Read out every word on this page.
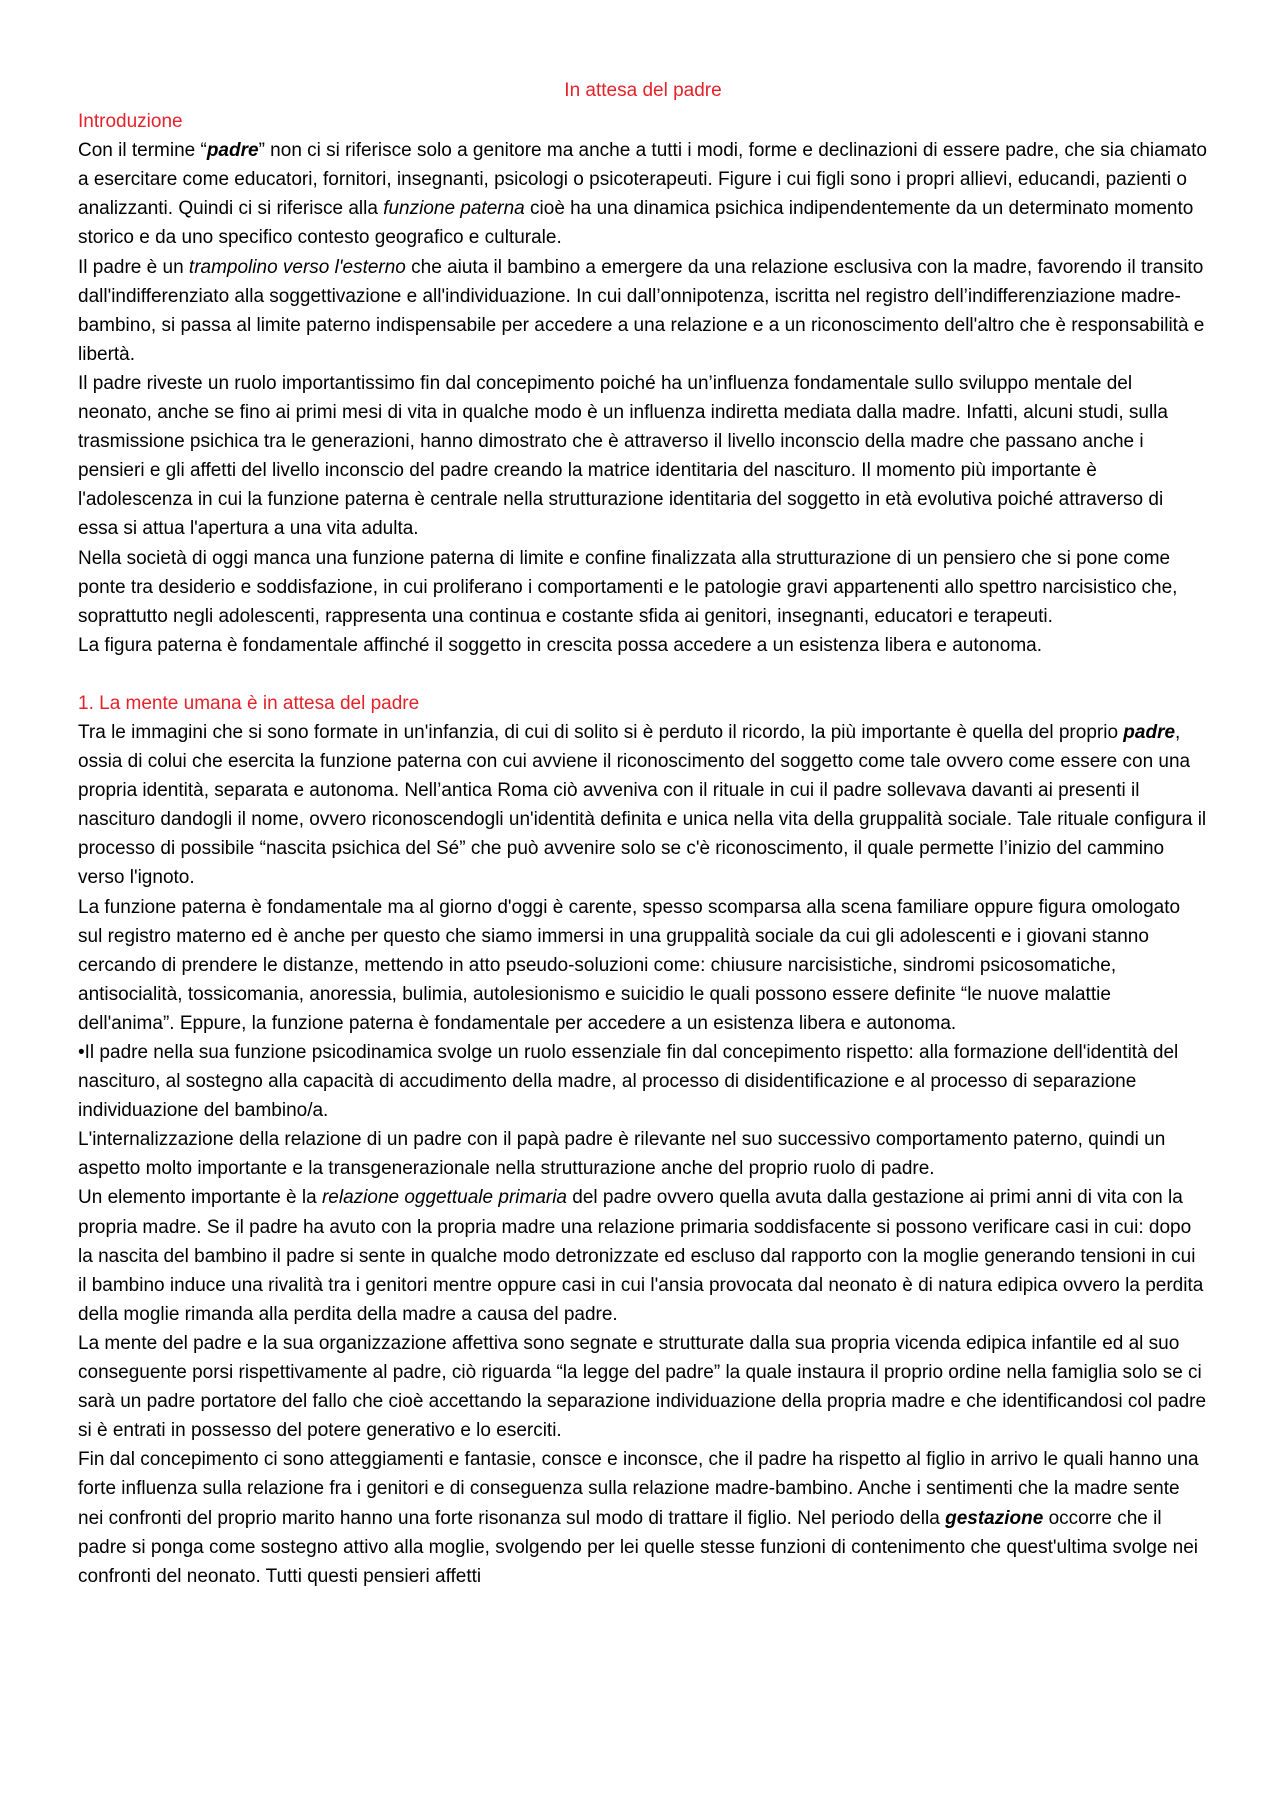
In attesa del padre
Introduzione

Con il termine “padre” non ci si riferisce solo a genitore ma anche a tutti i modi, forme e declinazioni di essere padre, che sia chiamato a esercitare come educatori, fornitori, insegnanti, psicologi o psicoterapeuti. Figure i cui figli sono i propri allievi, educandi, pazienti o analizzanti. Quindi ci si riferisce alla funzione paterna cioè ha una dinamica psichica indipendentemente da un determinato momento storico e da uno specifico contesto geografico e culturale.

Il padre è un trampolino verso l'esterno che aiuta il bambino a emergere da una relazione esclusiva con la madre, favorendo il transito dall'indifferenziato alla soggettivazione e all'individuazione. In cui dall’onnipotenza, iscritta nel registro dell’indifferenziazione madre-bambino, si passa al limite paterno indispensabile per accedere a una relazione e a un riconoscimento dell'altro che è responsabilità e libertà.

Il padre riveste un ruolo importantissimo fin dal concepimento poiché ha un’influenza fondamentale sullo sviluppo mentale del neonato, anche se fino ai primi mesi di vita in qualche modo è un influenza indiretta mediata dalla madre. Infatti, alcuni studi, sulla trasmissione psichica tra le generazioni, hanno dimostrato che è attraverso il livello inconscio della madre che passano anche i pensieri e gli affetti del livello inconscio del padre creando la matrice identitaria del nascituro. Il momento più importante è l'adolescenza in cui la funzione paterna è centrale nella strutturazione identitaria del soggetto in età evolutiva poiché attraverso di essa si attua l'apertura a una vita adulta.

Nella società di oggi manca una funzione paterna di limite e confine finalizzata alla strutturazione di un pensiero che si pone come ponte tra desiderio e soddisfazione, in cui proliferano i comportamenti e le patologie gravi appartenenti allo spettro narcisistico che, soprattutto negli adolescenti, rappresenta una continua e costante sfida ai genitori, insegnanti, educatori e terapeuti.

La figura paterna è fondamentale affinché il soggetto in crescita possa accedere a un esistenza libera e autonoma.

1. La mente umana è in attesa del padre

Tra le immagini che si sono formate in un'infanzia, di cui di solito si è perduto il ricordo, la più importante è quella del proprio padre, ossia di colui che esercita la funzione paterna con cui avviene il riconoscimento del soggetto come tale ovvero come essere con una propria identità, separata e autonoma. Nell’antica Roma ciò avveniva con il rituale in cui il padre sollevava davanti ai presenti il nascituro dandogli il nome, ovvero riconoscendogli un'identità definita e unica nella vita della gruppalità sociale. Tale rituale configura il processo di possibile “nascita psichica del Sé” che può avvenire solo se c'è riconoscimento, il quale permette l’inizio del cammino verso l'ignoto.

La funzione paterna è fondamentale ma al giorno d'oggi è carente, spesso scomparsa alla scena familiare oppure figura omologato sul registro materno ed è anche per questo che siamo immersi in una gruppalità sociale da cui gli adolescenti e i giovani stanno cercando di prendere le distanze, mettendo in atto pseudo-soluzioni come: chiusure narcisistiche, sindromi psicosomatiche, antisocialità, tossicomania, anoressia, bulimia, autolesionismo e suicidio le quali possono essere definite “le nuove malattie dell'anima”. Eppure, la funzione paterna è fondamentale per accedere a un esistenza libera e autonoma.

•Il padre nella sua funzione psicodinamica svolge un ruolo essenziale fin dal concepimento rispetto: alla formazione dell'identità del nascituro, al sostegno alla capacità di accudimento della madre, al processo di disidentificazione e al processo di separazione individuazione del bambino/a.

L'internalizzazione della relazione di un padre con il papà padre è rilevante nel suo successivo comportamento paterno, quindi un aspetto molto importante e la transgenerazionale nella strutturazione anche del proprio ruolo di padre.

Un elemento importante è la relazione oggettuale primaria del padre ovvero quella avuta dalla gestazione ai primi anni di vita con la propria madre. Se il padre ha avuto con la propria madre una relazione primaria soddisfacente si possono verificare casi in cui: dopo la nascita del bambino il padre si sente in qualche modo detronizzate ed escluso dal rapporto con la moglie generando tensioni in cui il bambino induce una rivalità tra i genitori mentre oppure casi in cui l'ansia provocata dal neonato è di natura edipica ovvero la perdita della moglie rimanda alla perdita della madre a causa del padre.

La mente del padre e la sua organizzazione affettiva sono segnate e strutturate dalla sua propria vicenda edipica infantile ed al suo conseguente porsi rispettivamente al padre, ciò riguarda “la legge del padre” la quale instaura il proprio ordine nella famiglia solo se ci sarà un padre portatore del fallo che cioè accettando la separazione individuazione della propria madre e che identificandosi col padre si è entrati in possesso del potere generativo e lo eserciti.

Fin dal concepimento ci sono atteggiamenti e fantasie, consce e inconsce, che il padre ha rispetto al figlio in arrivo le quali hanno una forte influenza sulla relazione fra i genitori e di conseguenza sulla relazione madre-bambino. Anche i sentimenti che la madre sente nei confronti del proprio marito hanno una forte risonanza sul modo di trattare il figlio. Nel periodo della gestazione occorre che il padre si ponga come sostegno attivo alla moglie, svolgendo per lei quelle stesse funzioni di contenimento che quest'ultima svolge nei confronti del neonato. Tutti questi pensieri affetti
